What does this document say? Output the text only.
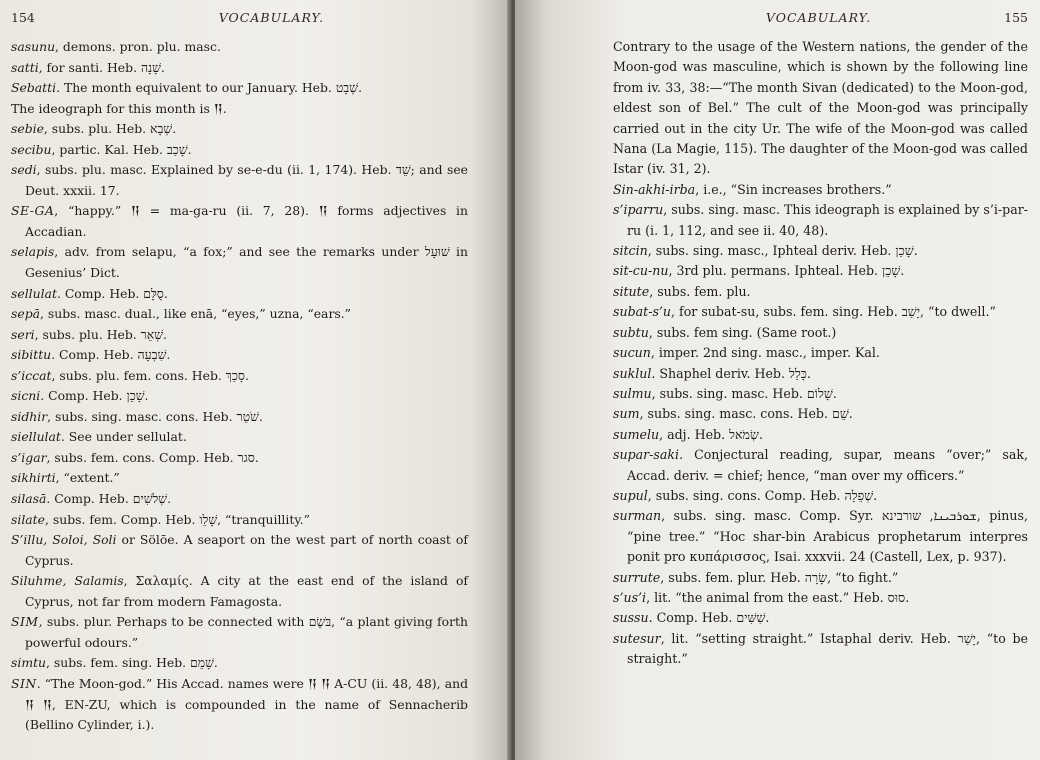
154	VOCABULARY.

sasunu, demons. pron. plu. masc.

satti, for santi. Heb. שָׁנָה.

Sebatti. The month equivalent to our January. Heb. שְׁבָט.

The ideograph for this month is 𒀀.

sebie, subs. plu. Heb. שְׁבָא.

secibu, partic. Kal. Heb. שָׁכַב.

sedi, subs. plu. masc. Explained by se-e-du (ii. 1, 174). Heb. שֵׁד; and see Deut. xxxii. 17.

SE-GA, “happy.” 𒀀 = ma-ga-ru (ii. 7, 28). 𒀀 forms adjectives in Accadian.

selapis, adv. from selapu, “a fox;” and see the remarks under שׁוּעָל in Gesenius’ Dict.

sellulat. Comp. Heb. סֻלָּם.

sepā, subs. masc. dual., like enā, “eyes,” uzna, “ears.”

seri, subs. plu. Heb. שְׁאֵר.

sibittu. Comp. Heb. שִׁבְעָה.

s’iccat, subs. plu. fem. cons. Heb. סָכַךְ.

sicni. Comp. Heb. שָׁכֵן.

sidhir, subs. sing. masc. cons. Heb. שֹׁטֵר.

siellulat. See under sellulat.

s’igar, subs. fem. cons. Comp. Heb. סגר.

sikhirti, “extent.”

silasā. Comp. Heb. שְׁלשִׁים.

silate, subs. fem. Comp. Heb. שָׁלֵו, “tranquillity.”

S’illu, Soloi, Soli or Sölōe. A seaport on the west part of north coast of Cyprus.

Siluhme, Salamis, Σαλαμίς. A city at the east end of the island of Cyprus, not far from modern Famagosta.

SIM, subs. plur. Perhaps to be connected with בֹּשֶׂם, “a plant giving forth powerful odours.”

simtu, subs. fem. sing. Heb. שָׁמֵם.

SIN. “The Moon-god.” His Accad. names were 𒀀 𒀀 A-CU (ii. 48, 48), and 𒀀 𒀀, EN-ZU, which is compounded in the name of Sennacherib (Bellino Cylinder, i.).

VOCABULARY.	155

Contrary to the usage of the Western nations, the gender of the Moon-god was masculine, which is shown by the following line from iv. 33, 38:—“The month Sivan (dedicated) to the Moon-god, eldest son of Bel.” The cult of the Moon-god was principally carried out in the city Ur. The wife of the Moon-god was called Nana (La Magie, 115). The daughter of the Moon-god was called Istar (iv. 31, 2).

Sin-akhi-irba, i.e., “Sin increases brothers.”

s’iparru, subs. sing. masc. This ideograph is explained by s’i-par-ru (i. 1, 112, and see ii. 40, 48).

sitcin, subs. sing. masc., Iphteal deriv. Heb. שָׁכַן.

sit-cu-nu, 3rd plu. permans. Iphteal. Heb. שָׁכֵן.

situte, subs. fem. plu.

subat-s’u, for subat-su, subs. fem. sing. Heb. יָשַׁב, “to dwell.”

subtu, subs. fem sing. (Same root.)

sucun, imper. 2nd sing. masc., imper. Kal.

suklul. Shaphel deriv. Heb. כָּלַל.

sulmu, subs. sing. masc. Heb. שָׁלוֹם.

sum, subs. sing. masc. cons. Heb. שֵׁם.

sumelu, adj. Heb. שְׂמֹאל.

supar-saki. Conjectural reading, supar, means “over;” sak, Accad. deriv. = chief; hence, “man over my officers.”

supul, subs. sing. cons. Comp. Heb. שְׁפֵלָה.

surman, subs. sing. masc. Comp. Syr. ܫܘܪܒܝܢܐ, שורבינא, pinus, “pine tree.” “Hoc shar-bin Arabicus prophetarum interpres ponit pro κυπάρισσος, Isai. xxxvii. 24 (Castell, Lex, p. 937).

surrute, subs. fem. plur. Heb. שָׂרָה, “to fight.”

s’us’i, lit. “the animal from the east.” Heb. סוּס.

sussu. Comp. Heb. שִׁשִּׁים.

sutesur, lit. “setting straight.” Istaphal deriv. Heb. יָשַׁר, “to be straight.”
